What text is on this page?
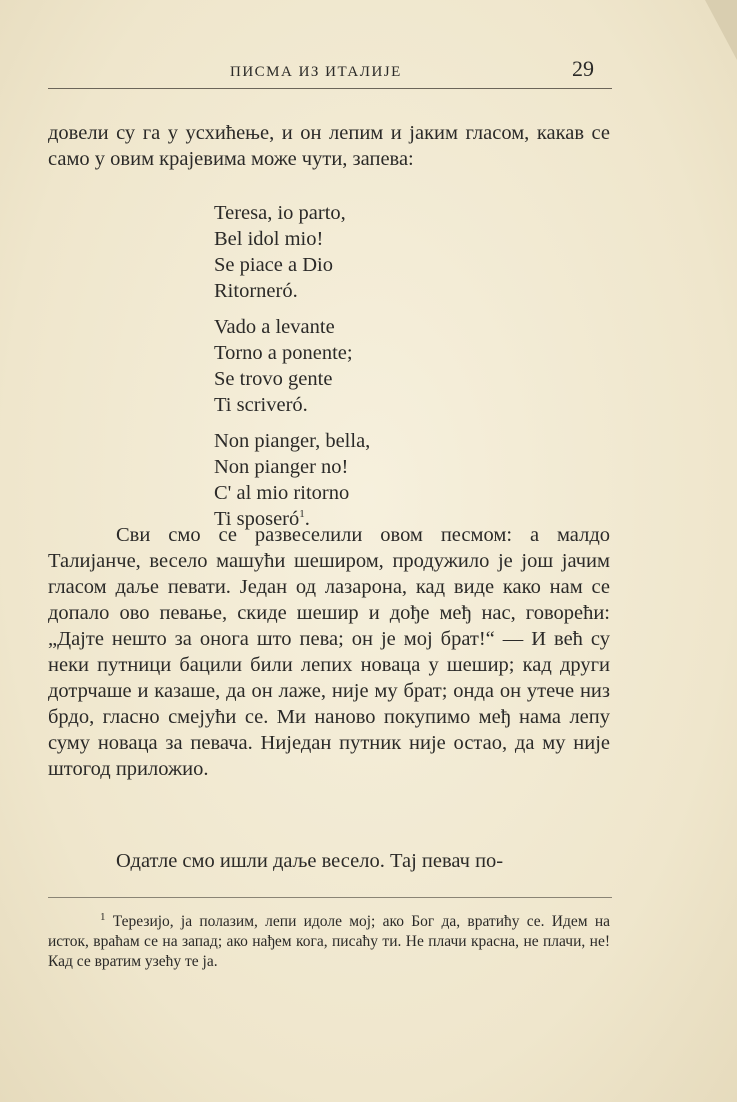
ПИСМА ИЗ ИТАЛИЈЕ	29
довели су га у усхићење, и он лепим и јаким гласом, какав се само у овим крајевима може чути, запева:
Teresa, io parto,
Bel idol mio!
Se piace a Dio
Ritorneró.
Vado a levante
Torno a ponente;
Se trovo gente
Ti scriveró.
Non pianger, bella,
Non pianger no!
C' al mio ritorno
Ti sposeró$^1$.
Сви смо се развеселили овом песмом: а малдо Талијанче, весело машући шеширом, продужило је још јачим гласом даље певати. Један од лазарона, кад виде како нам се допало ово певање, скиде шешир и дође међ нас, говорећи: „Дајте нешто за онога што пева; он је мој брат!“ — И већ су неки путници бацили били лепих новаца у шешир; кад други дотрчаше и казаше, да он лаже, није му брат; онда он утече низ брдо, гласно смејући се. Ми наново покупимо међ нама лепу суму новаца за певача. Ниједан путник није остао, да му није штогод приложио.
Одатле смо ишли даље весело. Тај певач по-
$^1$ Терезијо, ја полазим, лепи идоле мој; ако Бог да, вратићу се. Идем на исток, враћам се на запад; ако нађем кога, писаћу ти. Не плачи красна, не плачи, не! Кад се вратим узећу те ја.
